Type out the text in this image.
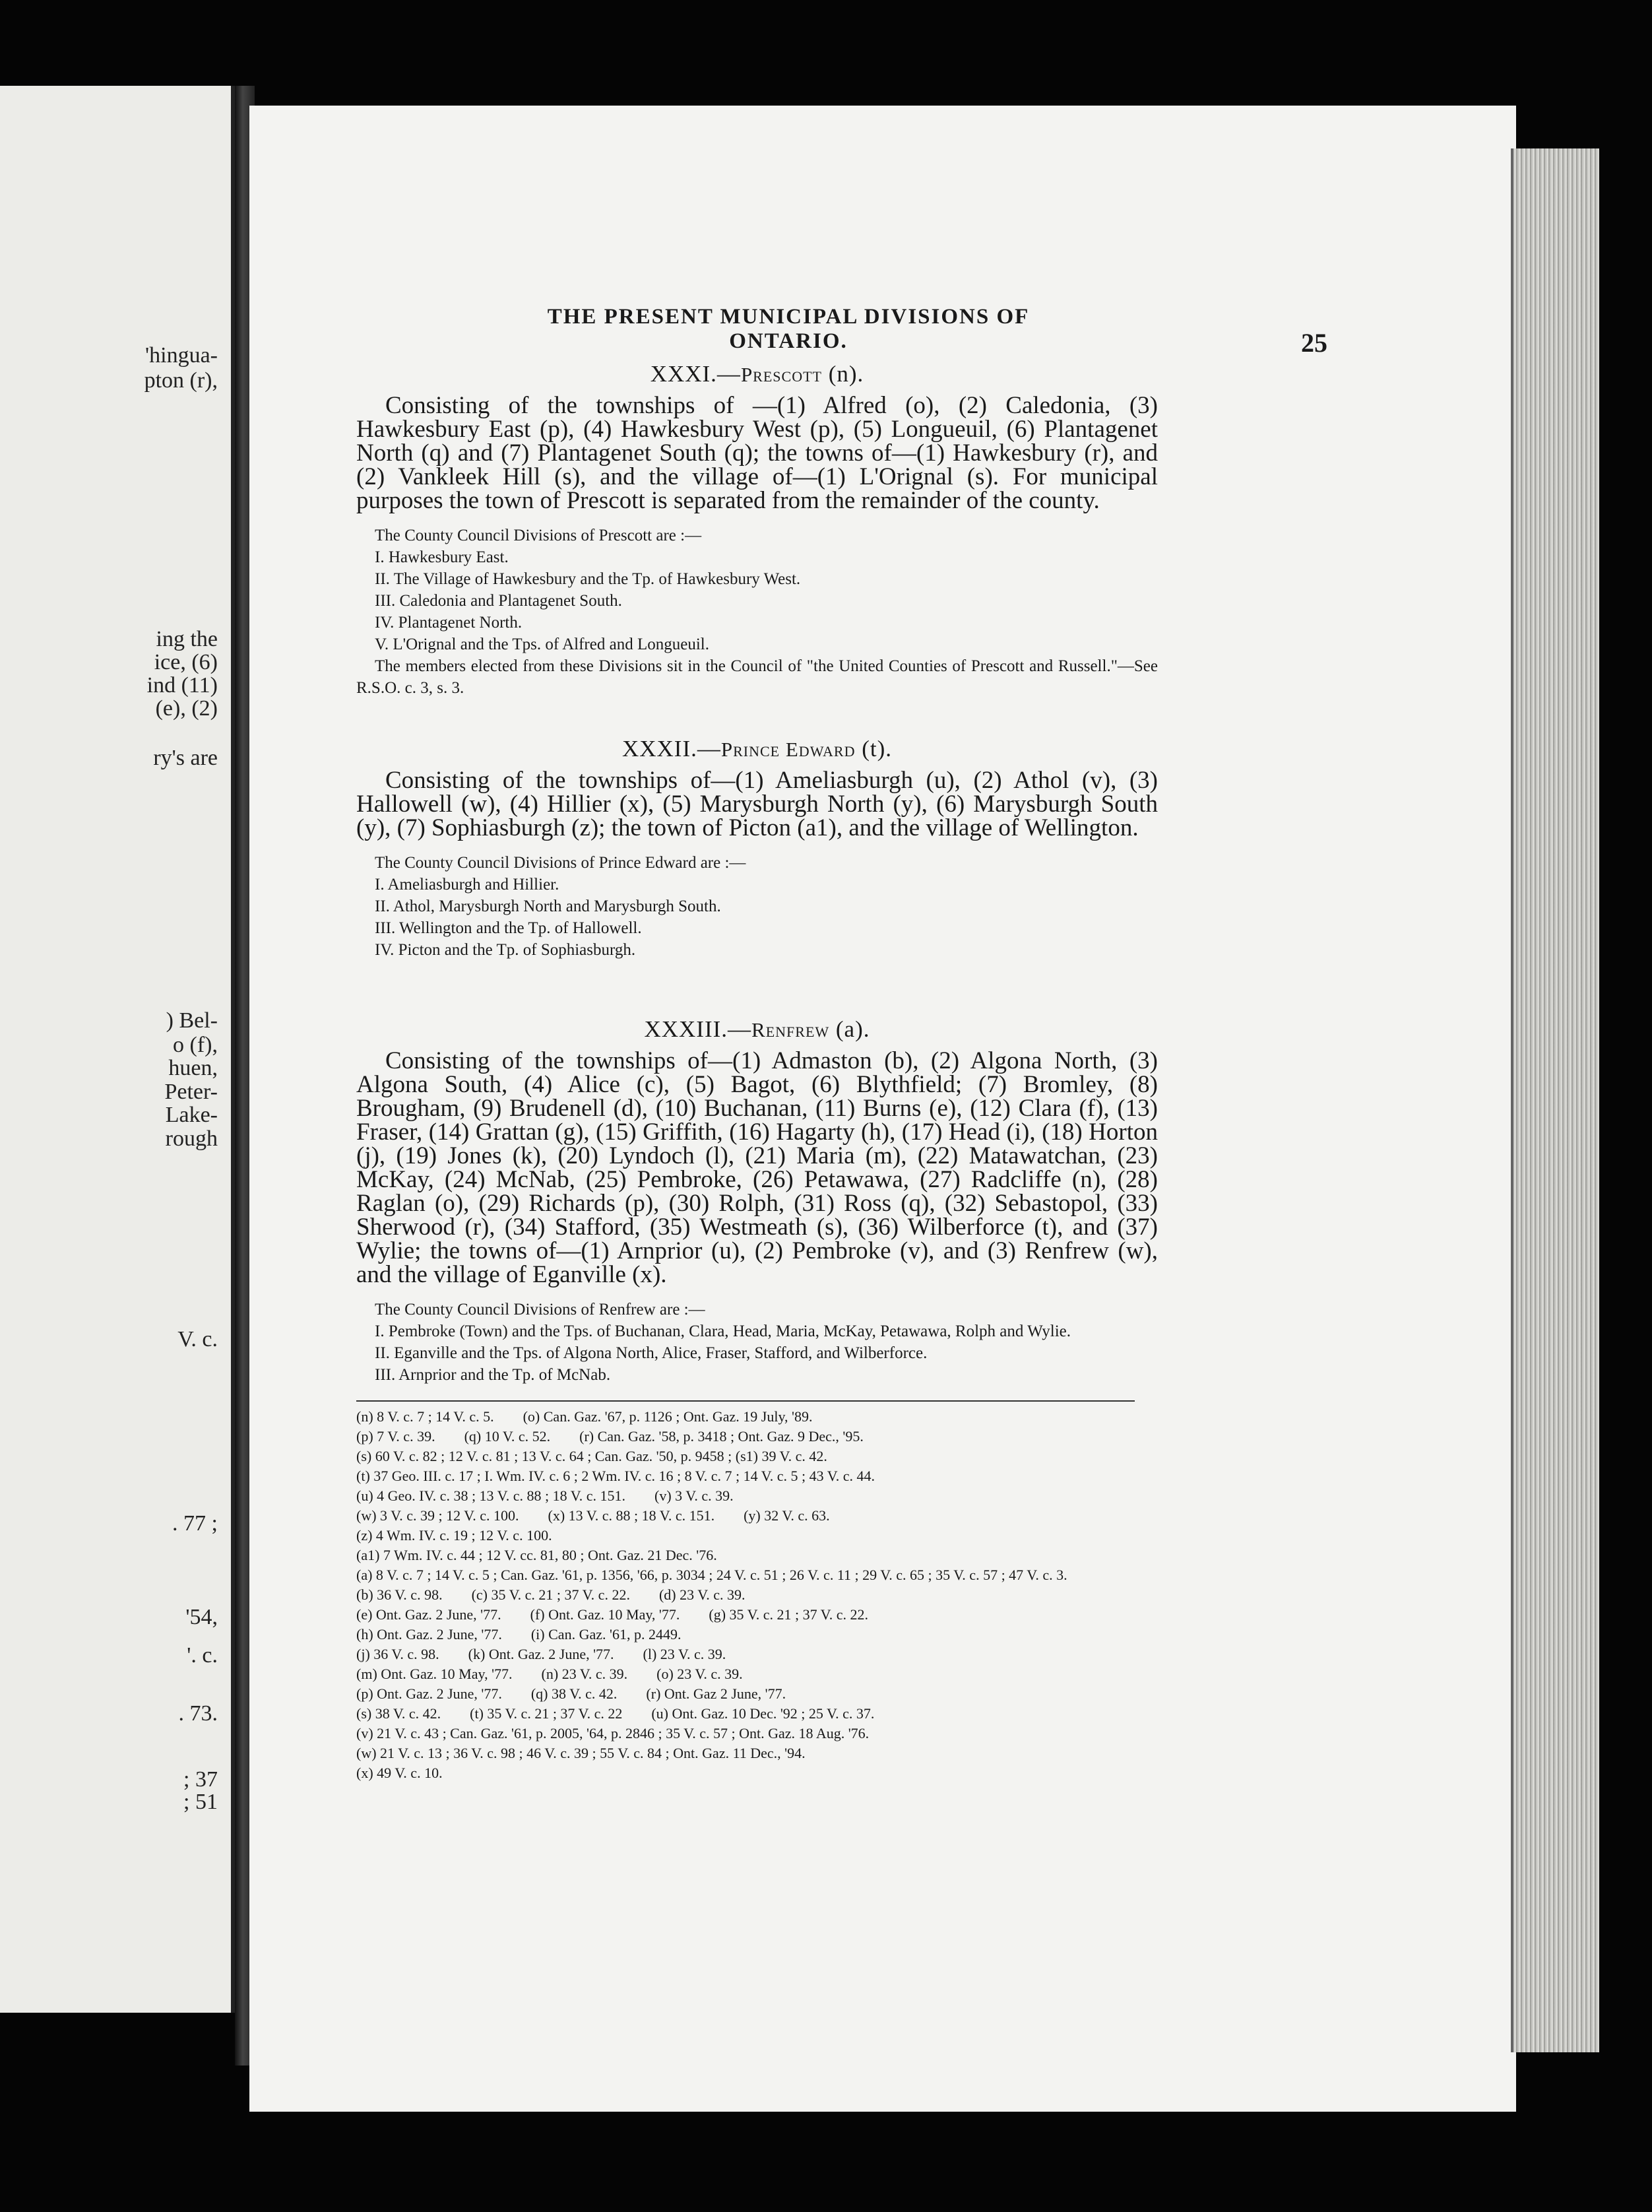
'hingua-
pton (r),
ing the
ice, (6)
ind (11)
(e), (2)
ry's are
) Bel-
o (f),
huen,
Peter-
Lake-
rough
V. c.
. 77 ;
'54,
'. c.
. 73.
; 37
; 51
THE PRESENT MUNICIPAL DIVISIONS OF ONTARIO.	25
XXXI.—Prescott (n).

Consisting of the townships of —(1) Alfred (o), (2) Caledonia, (3) Hawkesbury East (p), (4) Hawkesbury West (p), (5) Longueuil, (6) Plantagenet North (q) and (7) Plantagenet South (q); the towns of—(1) Hawkesbury (r), and (2) Vankleek Hill (s), and the village of—(1) L'Orignal (s). For municipal purposes the town of Prescott is separated from the remainder of the county.

The County Council Divisions of Prescott are :—

I. Hawkesbury East.

II. The Village of Hawkesbury and the Tp. of Hawkesbury West.

III. Caledonia and Plantagenet South.

IV. Plantagenet North.

V. L'Orignal and the Tps. of Alfred and Longueuil.

The members elected from these Divisions sit in the Council of "the United Counties of Prescott and Russell."—See R.S.O. c. 3, s. 3.

XXXII.—Prince Edward (t).

Consisting of the townships of—(1) Ameliasburgh (u), (2) Athol (v), (3) Hallowell (w), (4) Hillier (x), (5) Marysburgh North (y), (6) Marysburgh South (y), (7) Sophiasburgh (z); the town of Picton (a1), and the village of Wellington.

The County Council Divisions of Prince Edward are :—

I. Ameliasburgh and Hillier.

II. Athol, Marysburgh North and Marysburgh South.

III. Wellington and the Tp. of Hallowell.

IV. Picton and the Tp. of Sophiasburgh.

XXXIII.—Renfrew (a).

Consisting of the townships of—(1) Admaston (b), (2) Algona North, (3) Algona South, (4) Alice (c), (5) Bagot, (6) Blythfield; (7) Bromley, (8) Brougham, (9) Brudenell (d), (10) Buchanan, (11) Burns (e), (12) Clara (f), (13) Fraser, (14) Grattan (g), (15) Griffith, (16) Hagarty (h), (17) Head (i), (18) Horton (j), (19) Jones (k), (20) Lyndoch (l), (21) Maria (m), (22) Matawatchan, (23) McKay, (24) McNab, (25) Pembroke, (26) Petawawa, (27) Radcliffe (n), (28) Raglan (o), (29) Richards (p), (30) Rolph, (31) Ross (q), (32) Sebastopol, (33) Sherwood (r), (34) Stafford, (35) Westmeath (s), (36) Wilberforce (t), and (37) Wylie; the towns of—(1) Arnprior (u), (2) Pembroke (v), and (3) Renfrew (w), and the village of Eganville (x).

The County Council Divisions of Renfrew are :—

I. Pembroke (Town) and the Tps. of Buchanan, Clara, Head, Maria, McKay, Petawawa, Rolph and Wylie.

II. Eganville and the Tps. of Algona North, Alice, Fraser, Stafford, and Wilberforce.

III. Arnprior and the Tp. of McNab.

(n) 8 V. c. 7 ; 14 V. c. 5.        (o) Can. Gaz. '67, p. 1126 ; Ont. Gaz. 19 July, '89.

(p) 7 V. c. 39.        (q) 10 V. c. 52.        (r) Can. Gaz. '58, p. 3418 ; Ont. Gaz. 9 Dec., '95.

(s) 60 V. c. 82 ; 12 V. c. 81 ; 13 V. c. 64 ; Can. Gaz. '50, p. 9458 ; (s1) 39 V. c. 42.

(t) 37 Geo. III. c. 17 ; I. Wm. IV. c. 6 ; 2 Wm. IV. c. 16 ; 8 V. c. 7 ; 14 V. c. 5 ; 43 V. c. 44.

(u) 4 Geo. IV. c. 38 ; 13 V. c. 88 ; 18 V. c. 151.        (v) 3 V. c. 39.

(w) 3 V. c. 39 ; 12 V. c. 100.        (x) 13 V. c. 88 ; 18 V. c. 151.        (y) 32 V. c. 63.

(z) 4 Wm. IV. c. 19 ; 12 V. c. 100.

(a1) 7 Wm. IV. c. 44 ; 12 V. cc. 81, 80 ; Ont. Gaz. 21 Dec. '76.

(a) 8 V. c. 7 ; 14 V. c. 5 ; Can. Gaz. '61, p. 1356, '66, p. 3034 ; 24 V. c. 51 ; 26 V. c. 11 ; 29 V. c. 65 ; 35 V. c. 57 ; 47 V. c. 3.

(b) 36 V. c. 98.        (c) 35 V. c. 21 ; 37 V. c. 22.        (d) 23 V. c. 39.

(e) Ont. Gaz. 2 June, '77.        (f) Ont. Gaz. 10 May, '77.        (g) 35 V. c. 21 ; 37 V. c. 22.

(h) Ont. Gaz. 2 June, '77.        (i) Can. Gaz. '61, p. 2449.

(j) 36 V. c. 98.        (k) Ont. Gaz. 2 June, '77.        (l) 23 V. c. 39.

(m) Ont. Gaz. 10 May, '77.        (n) 23 V. c. 39.        (o) 23 V. c. 39.

(p) Ont. Gaz. 2 June, '77.        (q) 38 V. c. 42.        (r) Ont. Gaz 2 June, '77.

(s) 38 V. c. 42.        (t) 35 V. c. 21 ; 37 V. c. 22        (u) Ont. Gaz. 10 Dec. '92 ; 25 V. c. 37.

(v) 21 V. c. 43 ; Can. Gaz. '61, p. 2005, '64, p. 2846 ; 35 V. c. 57 ; Ont. Gaz. 18 Aug. '76.

(w) 21 V. c. 13 ; 36 V. c. 98 ; 46 V. c. 39 ; 55 V. c. 84 ; Ont. Gaz. 11 Dec., '94.

(x) 49 V. c. 10.
